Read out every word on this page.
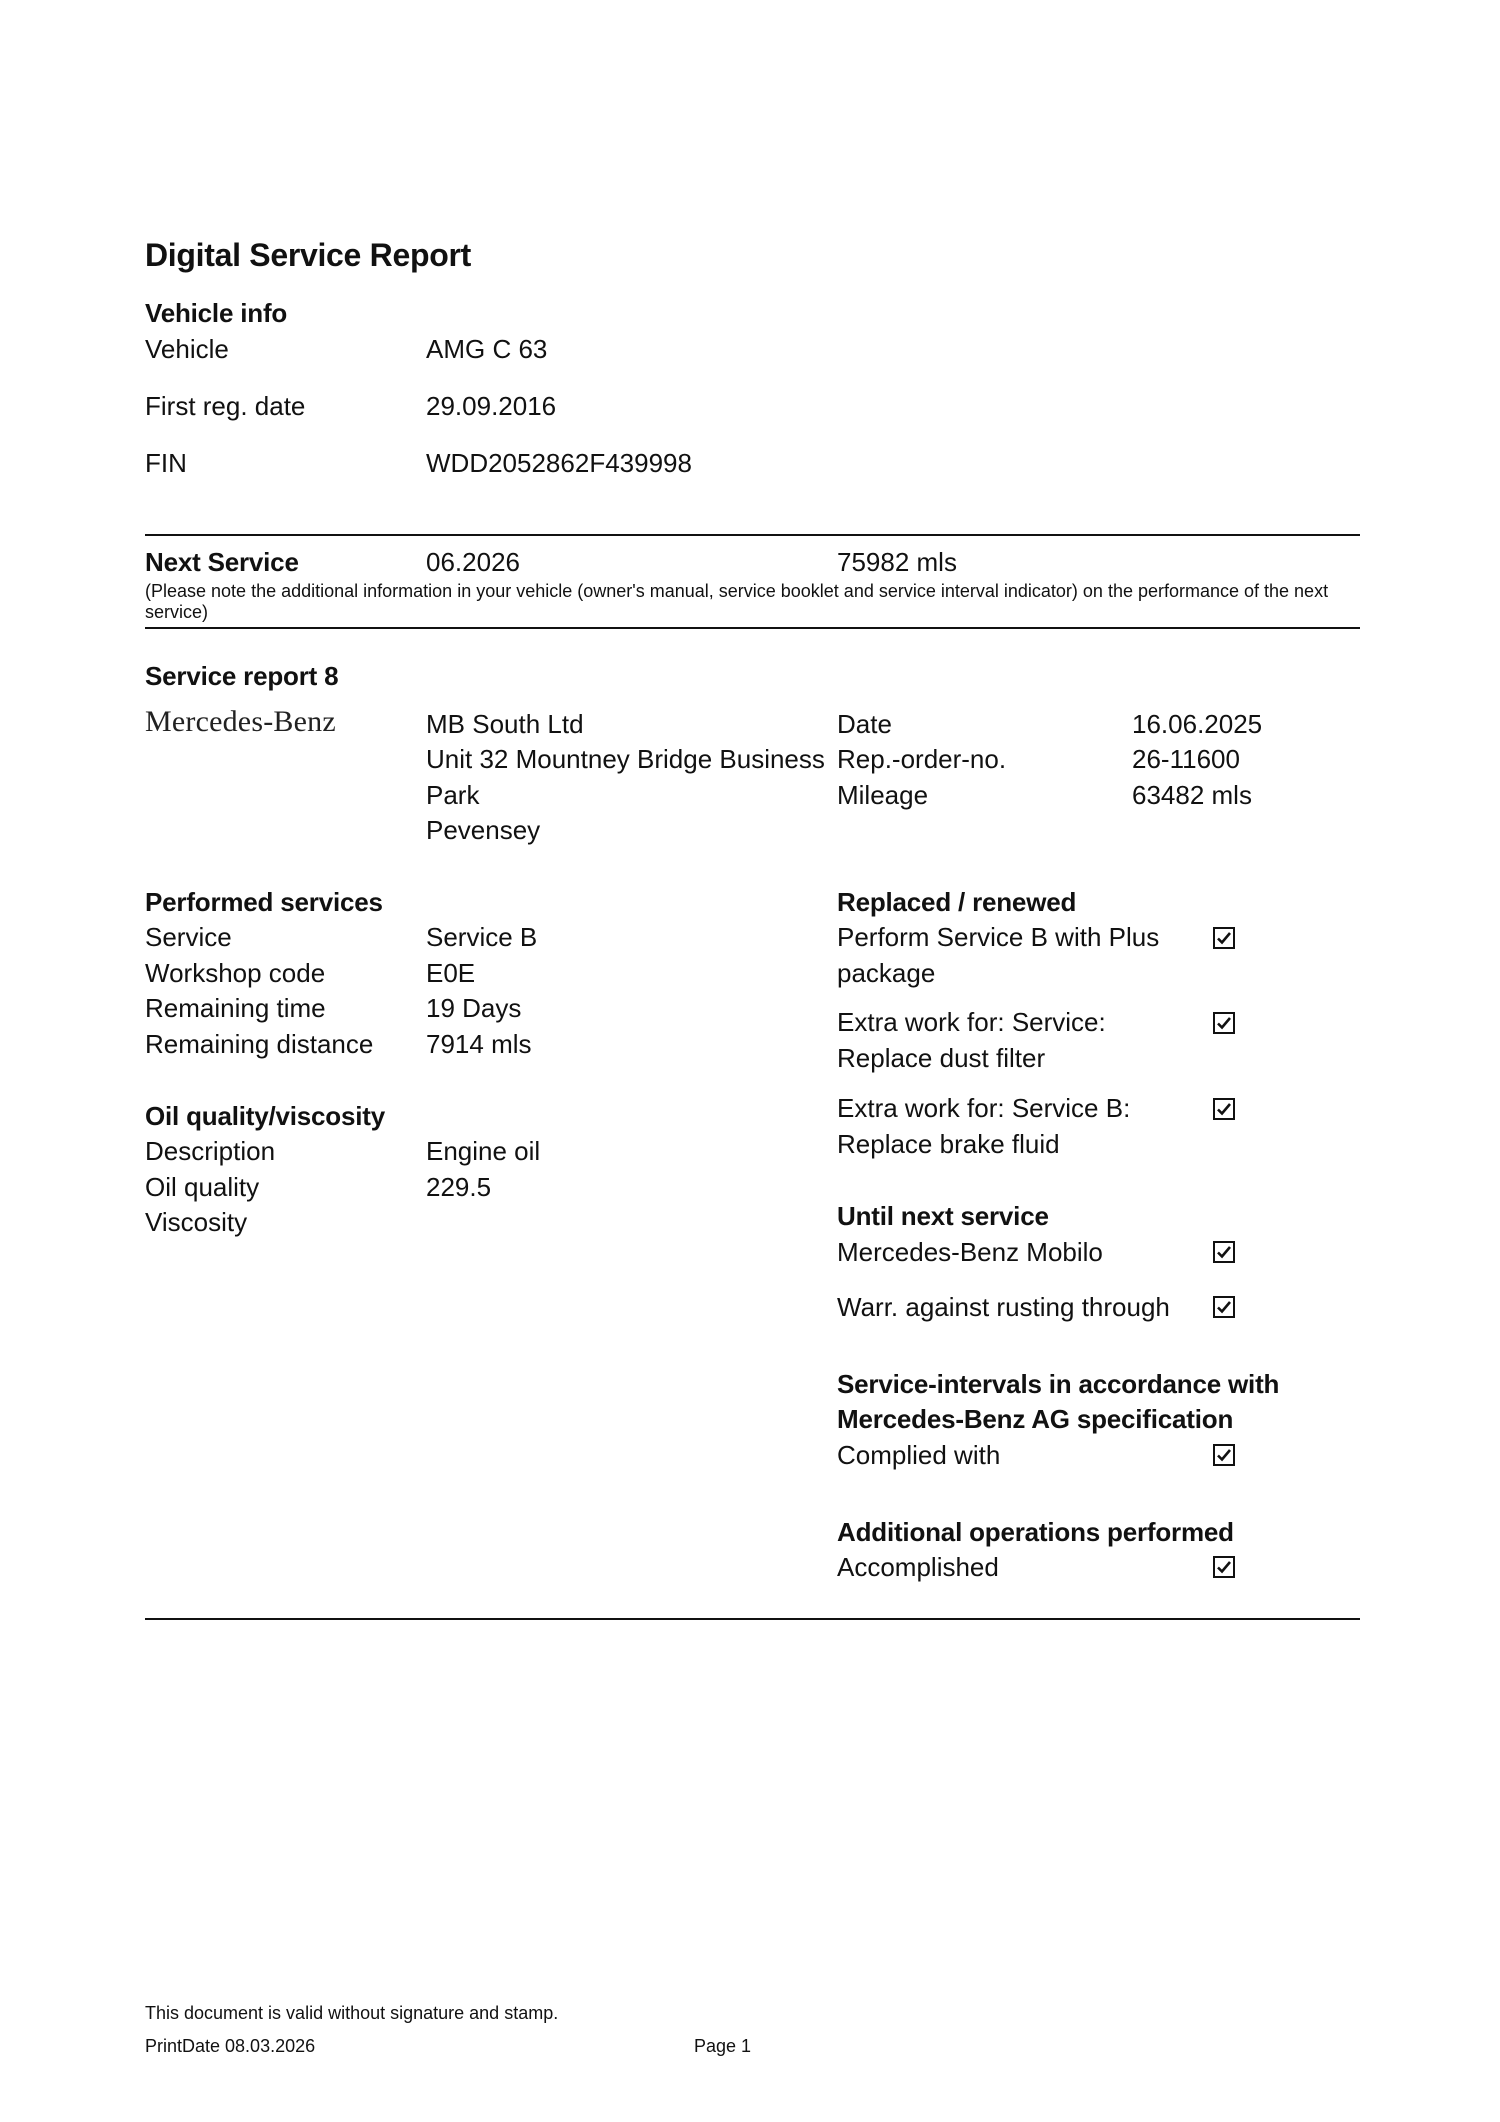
Digital Service Report
Vehicle info
Vehicle	AMG C 63
First reg. date	29.09.2016
FIN	WDD2052862F439998
Next Service	06.2026	75982 mls
(Please note the additional information in your vehicle (owner's manual, service booklet and service interval indicator) on the performance of the next service)
Service report 8
Mercedes-Benz	MB South Ltd
Unit 32 Mountney Bridge Business
Park
Pevensey
Date	16.06.2025
Rep.-order-no.	26-11600
Mileage	63482 mls
Performed services
Service	Service B
Workshop code	E0E
Remaining time	19 Days
Remaining distance 7914 mls
Oil quality/viscosity
Description	Engine oil
Oil quality	229.5
Viscosity
Replaced / renewed
Perform Service B with Plus
package
Extra work for: Service:
Replace dust filter
Extra work for: Service B:
Replace brake fluid
Until next service
Mercedes-Benz Mobilo
Warr. against rusting through
Service-intervals in accordance with
Mercedes-Benz AG specification
Complied with
Additional operations performed
Accomplished
This document is valid without signature and stamp.
PrintDate 08.03.2026	Page 1
